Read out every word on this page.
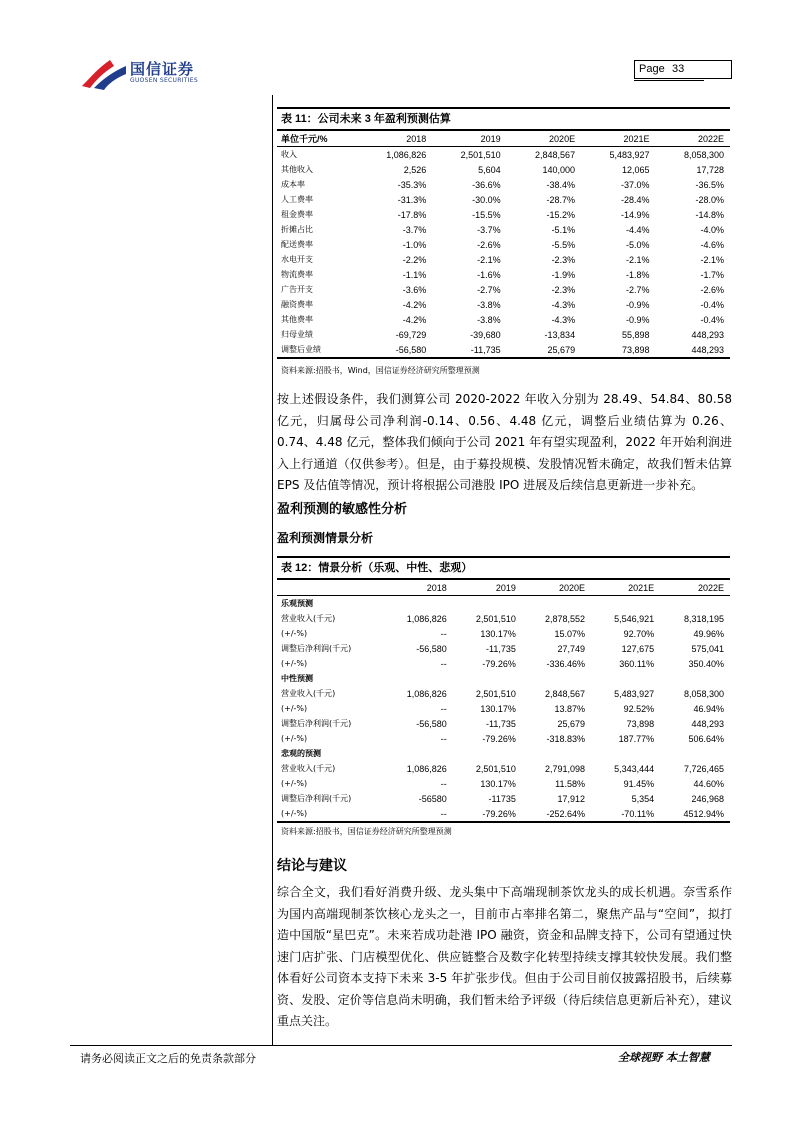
国信证券
GUOSEN SECURITIES
Page 33
表 11：公司未来 3 年盈利预测估算
单位千元/%	2018	2019	2020E	2021E	2022E
收入	1,086,826	2,501,510	2,848,567	5,483,927	8,058,300
其他收入	2,526	5,604	140,000	12,065	17,728
成本率	-35.3%	-36.6%	-38.4%	-37.0%	-36.5%
人工费率	-31.3%	-30.0%	-28.7%	-28.4%	-28.0%
租金费率	-17.8%	-15.5%	-15.2%	-14.9%	-14.8%
折摊占比	-3.7%	-3.7%	-5.1%	-4.4%	-4.0%
配送费率	-1.0%	-2.6%	-5.5%	-5.0%	-4.6%
水电开支	-2.2%	-2.1%	-2.3%	-2.1%	-2.1%
物流费率	-1.1%	-1.6%	-1.9%	-1.8%	-1.7%
广告开支	-3.6%	-2.7%	-2.3%	-2.7%	-2.6%
融资费率	-4.2%	-3.8%	-4.3%	-0.9%	-0.4%
其他费率	-4.2%	-3.8%	-4.3%	-0.9%	-0.4%
归母业绩	-69,729	-39,680	-13,834	55,898	448,293
调整后业绩	-56,580	-11,735	25,679	73,898	448,293
资料来源:招股书，Wind，国信证券经济研究所整理预测
按上述假设条件，我们测算公司 2020-2022 年收入分别为 28.49、54.84、80.58 亿元，归属母公司净利润-0.14、0.56、4.48 亿元，调整后业绩估算为 0.26、0.74、4.48 亿元，整体我们倾向于公司 2021 年有望实现盈利，2022 年开始利润进入上行通道（仅供参考）。但是，由于募投规模、发股情况暂未确定，故我们暂未估算 EPS 及估值等情况，预计将根据公司港股 IPO 进展及后续信息更新进一步补充。
盈利预测的敏感性分析
盈利预测情景分析
表 12：情景分析（乐观、中性、悲观）
	2018	2019	2020E	2021E	2022E
乐观预测					
营业收入(千元)	1,086,826	2,501,510	2,878,552	5,546,921	8,318,195
(+/-%)	--	130.17%	15.07%	92.70%	49.96%
调整后净利润(千元)	-56,580	-11,735	27,749	127,675	575,041
(+/-%)	--	-79.26%	-336.46%	360.11%	350.40%
中性预测					
营业收入(千元)	1,086,826	2,501,510	2,848,567	5,483,927	8,058,300
(+/-%)	--	130.17%	13.87%	92.52%	46.94%
调整后净利润(千元)	-56,580	-11,735	25,679	73,898	448,293
(+/-%)	--	-79.26%	-318.83%	187.77%	506.64%
悲观的预测					
营业收入(千元)	1,086,826	2,501,510	2,791,098	5,343,444	7,726,465
(+/-%)	--	130.17%	11.58%	91.45%	44.60%
调整后净利润(千元)	-56580	-11735	17,912	5,354	246,968
(+/-%)	--	-79.26%	-252.64%	-70.11%	4512.94%
资料来源:招股书，国信证券经济研究所整理预测
结论与建议
综合全文，我们看好消费升级、龙头集中下高端现制茶饮龙头的成长机遇。奈雪系作为国内高端现制茶饮核心龙头之一，目前市占率排名第二，聚焦产品与“空间”，拟打造中国版“星巴克”。未来若成功赴港 IPO 融资，资金和品牌支持下，公司有望通过快速门店扩张、门店模型优化、供应链整合及数字化转型持续支撑其较快发展。我们整体看好公司资本支持下未来 3-5 年扩张步伐。但由于公司目前仅披露招股书，后续募资、发股、定价等信息尚未明确，我们暂未给予评级（待后续信息更新后补充），建议重点关注。
请务必阅读正文之后的免责条款部分	全球视野 本土智慧
